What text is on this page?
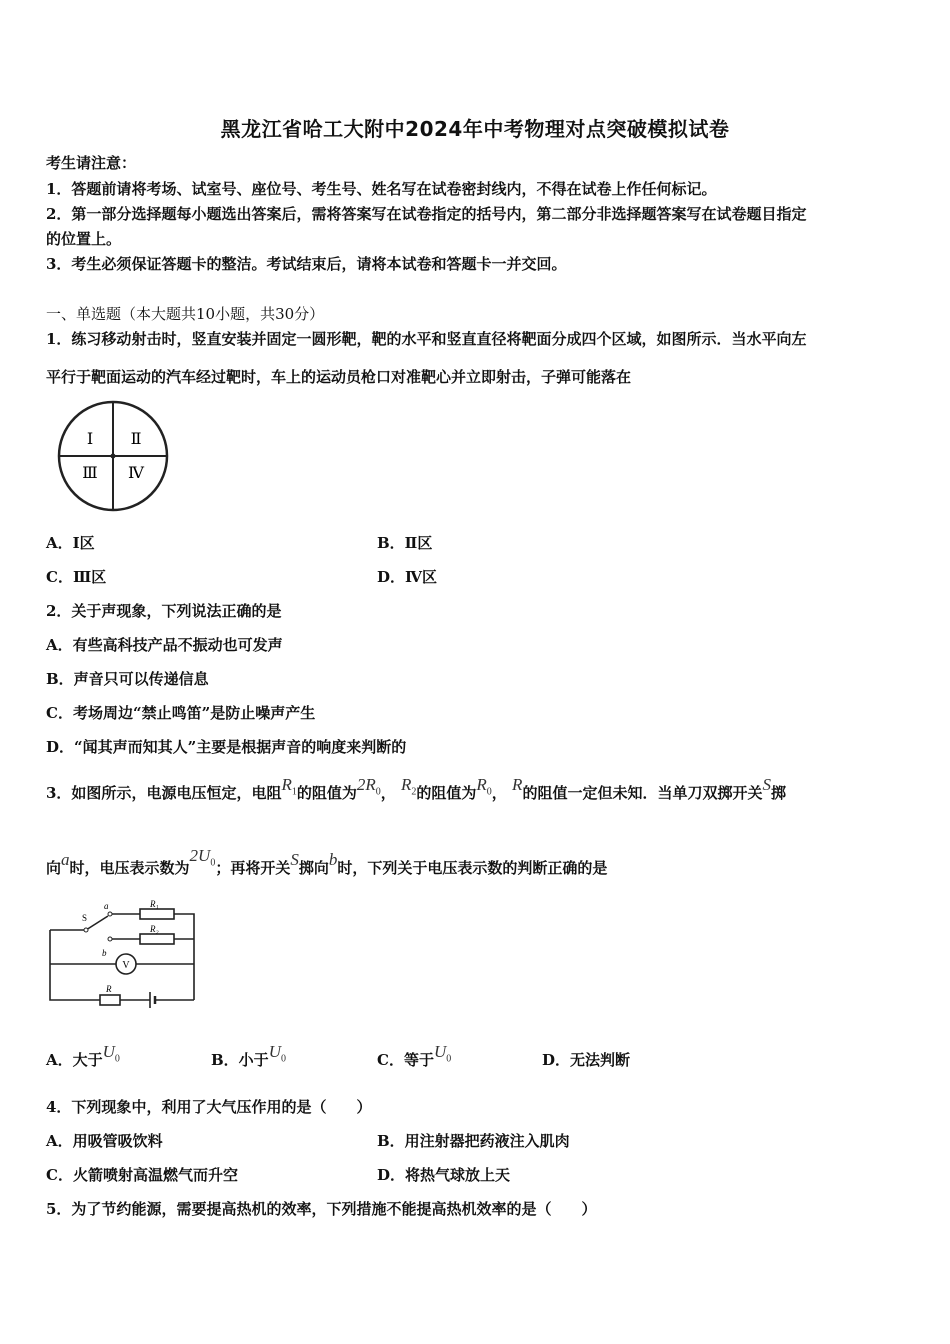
黑龙江省哈工大附中2024年中考物理对点突破模拟试卷
考生请注意：
1．答题前请将考场、试室号、座位号、考生号、姓名写在试卷密封线内，不得在试卷上作任何标记。
2．第一部分选择题每小题选出答案后，需将答案写在试卷指定的括号内，第二部分非选择题答案写在试卷题目指定
的位置上。
3．考生必须保证答题卡的整洁。考试结束后，请将本试卷和答题卡一并交回。
一、单选题（本大题共10小题，共30分）
1．练习移动射击时，竖直安装并固定一圆形靶，靶的水平和竖直直径将靶面分成四个区域，如图所示．当水平向左
平行于靶面运动的汽车经过靶时，车上的运动员枪口对准靶心并立即射击，子弹可能落在
Ⅰ Ⅱ
Ⅲ Ⅳ
A．Ⅰ区	B．Ⅱ区
C．Ⅲ区	D．Ⅳ区
2．关于声现象，下列说法正确的是
A．有些高科技产品不振动也可发声
B．声音只可以传递信息
C．考场周边“禁止鸣笛”是防止噪声产生
D．“闻其声而知其人”主要是根据声音的响度来判断的
3．如图所示，电源电压恒定，电阻$R_1$的阻值为$2R_0$， $R_2$的阻值为$R_0$， R的阻值一定但未知．当单刀双掷开关S掷
向a时，电压表示数为$2U_0$；再将开关S掷向b时，下列关于电压表示数的判断正确的是
S
a
b
R₁
R₂
V
R
A．大于$U_0$	B．小于$U_0$	C．等于$U_0$	D．无法判断
4．下列现象中，利用了大气压作用的是（　　）
A．用吸管吸饮料	B．用注射器把药液注入肌肉
C．火箭喷射高温燃气而升空	D．将热气球放上天
5．为了节约能源，需要提高热机的效率，下列措施不能提高热机效率的是（　　）
